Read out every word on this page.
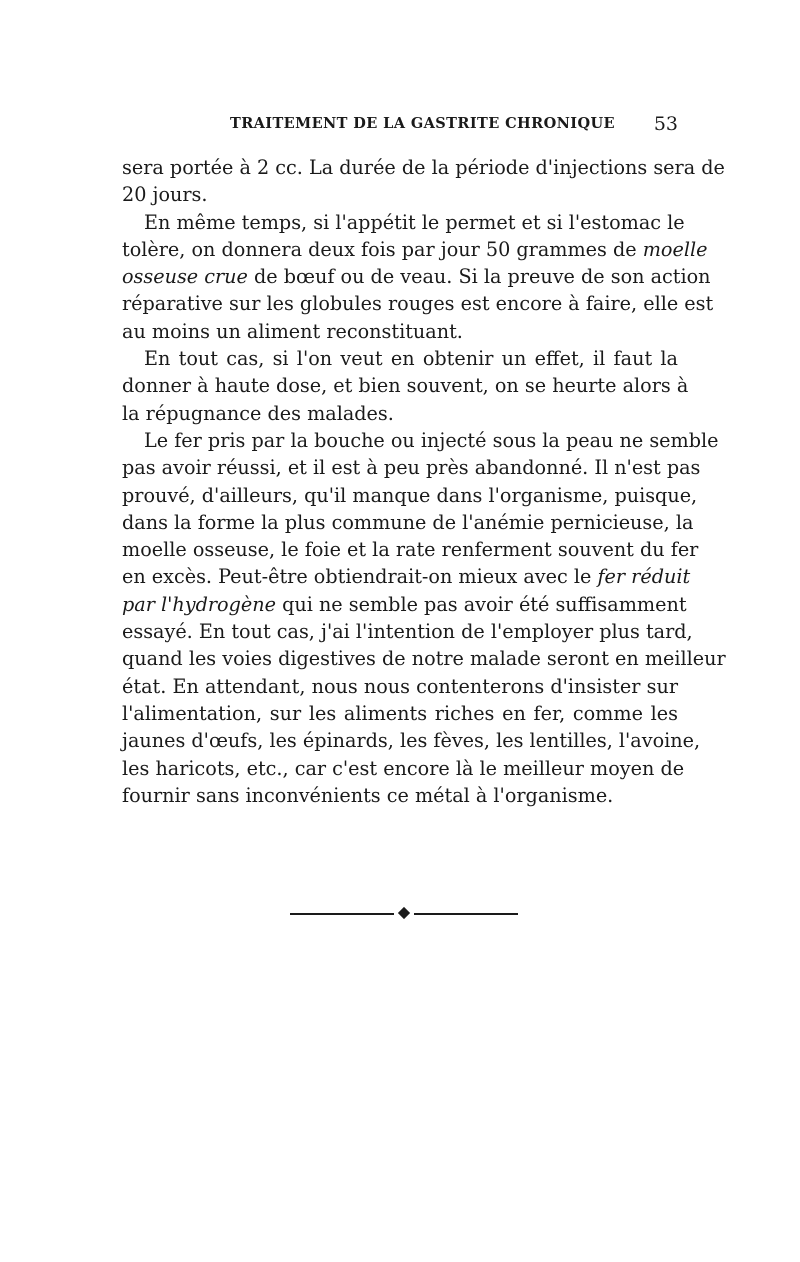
TRAITEMENT DE LA GASTRITE CHRONIQUE 53

sera portée à 2 cc. La durée de la période d'injections sera de
20 jours.

En même temps, si l'appétit le permet et si l'estomac le
tolère, on donnera deux fois par jour 50 grammes de moelle
osseuse crue de bœuf ou de veau. Si la preuve de son action
réparative sur les globules rouges est encore à faire, elle est
au moins un aliment reconstituant.

En tout cas, si l'on veut en obtenir un effet, il faut la
donner à haute dose, et bien souvent, on se heurte alors à
la répugnance des malades.

Le fer pris par la bouche ou injecté sous la peau ne semble
pas avoir réussi, et il est à peu près abandonné. Il n'est pas
prouvé, d'ailleurs, qu'il manque dans l'organisme, puisque,
dans la forme la plus commune de l'anémie pernicieuse, la
moelle osseuse, le foie et la rate renferment souvent du fer
en excès. Peut-être obtiendrait-on mieux avec le fer réduit
par l'hydrogène qui ne semble pas avoir été suffisamment
essayé. En tout cas, j'ai l'intention de l'employer plus tard,
quand les voies digestives de notre malade seront en meilleur
état. En attendant, nous nous contenterons d'insister sur
l'alimentation, sur les aliments riches en fer, comme les
jaunes d'œufs, les épinards, les fèves, les lentilles, l'avoine,
les haricots, etc., car c'est encore là le meilleur moyen de
fournir sans inconvénients ce métal à l'organisme.
